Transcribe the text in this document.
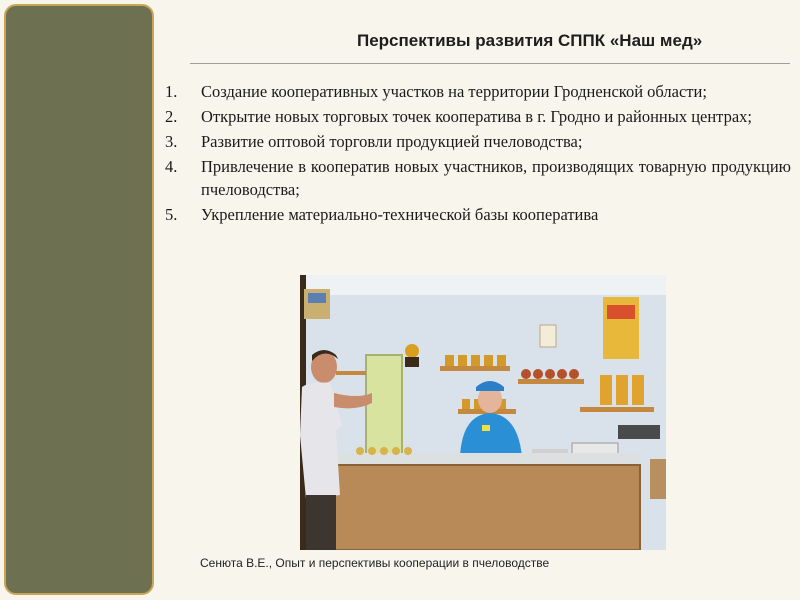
Перспективы развития СППК «Наш мед»
1.	Создание кооперативных участков на территории Гродненской области;
2.	Открытие новых торговых точек кооператива в г. Гродно и районных центрах;
3.	Развитие оптовой торговли продукцией пчеловодства;
4.	Привлечение в кооператив новых участников, производящих товарную продукцию пчеловодства;
5.	Укрепление материально-технической базы кооператива
Сенюта В.Е., Опыт и перспективы кооперации в пчеловодстве
